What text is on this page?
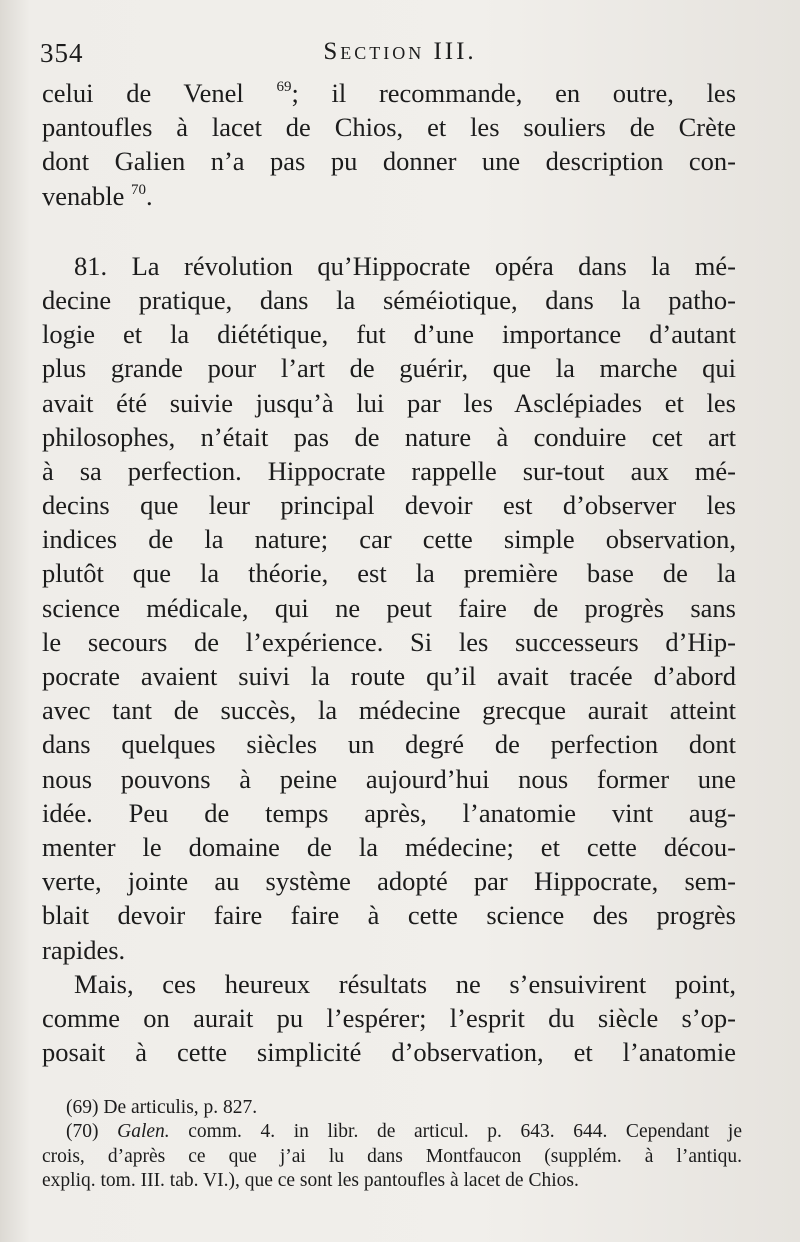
354	Section III.
celui de Venel $^{69}$; il recommande, en outre, les
pantoufles à lacet de Chios, et les souliers de Crète
dont Galien n’a pas pu donner une description con-
venable $^{70}$.
81. La révolution qu’Hippocrate opéra dans la mé-
decine pratique, dans la séméiotique, dans la patho-
logie et la diététique, fut d’une importance d’autant
plus grande pour l’art de guérir, que la marche qui
avait été suivie jusqu’à lui par les Asclépiades et les
philosophes, n’était pas de nature à conduire cet art
à sa perfection. Hippocrate rappelle sur-tout aux mé-
decins que leur principal devoir est d’observer les
indices de la nature; car cette simple observation,
plutôt que la théorie, est la première base de la
science médicale, qui ne peut faire de progrès sans
le secours de l’expérience. Si les successeurs d’Hip-
pocrate avaient suivi la route qu’il avait tracée d’abord
avec tant de succès, la médecine grecque aurait atteint
dans quelques siècles un degré de perfection dont
nous pouvons à peine aujourd’hui nous former une
idée. Peu de temps après, l’anatomie vint aug-
menter le domaine de la médecine; et cette décou-
verte, jointe au système adopté par Hippocrate, sem-
blait devoir faire faire à cette science des progrès
rapides.
Mais, ces heureux résultats ne s’ensuivirent point,
comme on aurait pu l’espérer; l’esprit du siècle s’op-
posait à cette simplicité d’observation, et l’anatomie
(69) De articulis, p. 827.
(70) Galen. comm. 4. in libr. de articul. p. 643. 644. Cependant je
crois, d’après ce que j’ai lu dans Montfaucon (supplém. à l’antiqu.
expliq. tom. III. tab. VI.), que ce sont les pantoufles à lacet de Chios.
